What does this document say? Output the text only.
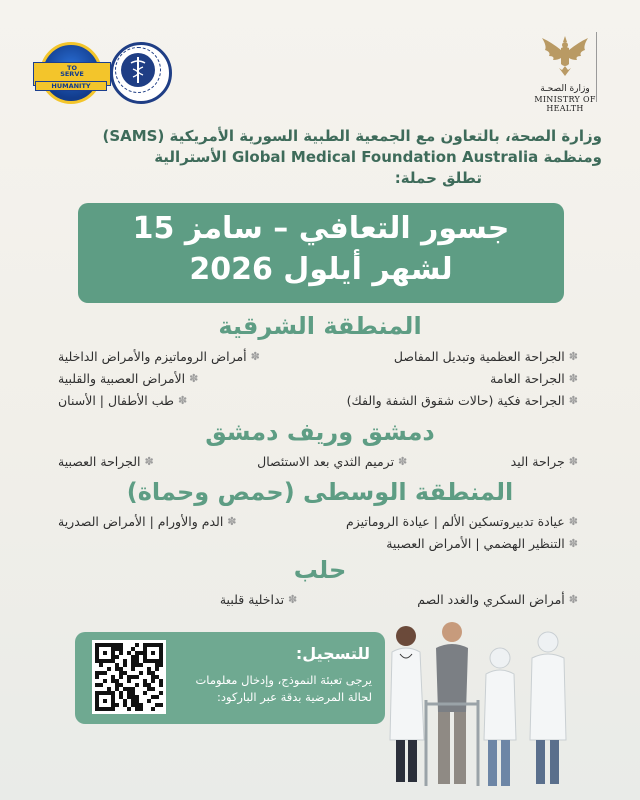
وزارة الصحـة
MINISTRY OF HEALTH
TO
SERVE
HUMANITY
وزارة الصحة، بالتعاون مع الجمعية الطبية السورية الأمريكية (SAMS)
ومنظمة Global Medical Foundation Australia الأسترالية
تطلق حملة:
جسور التعافي – سامز 15
لشهر أيلول 2026
المنطقة الشرقية
✽
الجراحة العظمية وتبديل المفاصل
✽
أمراض الروماتيزم والأمراض الداخلية
✽
الجراحة العامة
✽
الأمراض العصبية والقلبية
✽
الجراحة فكية (حالات شقوق الشفة والفك)
✽
طب الأطفال | الأسنان
دمشق وريف دمشق
✽
جراحة اليد
✽
ترميم الثدي بعد الاستئصال
✽
الجراحة العصبية
المنطقة الوسطى (حمص وحماة)
✽
عيادة تدبيروتسكين الألم | عيادة الروماتيزم
✽
الدم والأورام | الأمراض الصدرية
✽
التنظير الهضمي | الأمراض العصبية
حلب
✽
أمراض السكري والغدد الصم
✽
تداخلية قلبية
للتسجيل:
يرجى تعبئة النموذج، وإدخال معلومات لحالة المرضية بدقة عبر الباركود:
